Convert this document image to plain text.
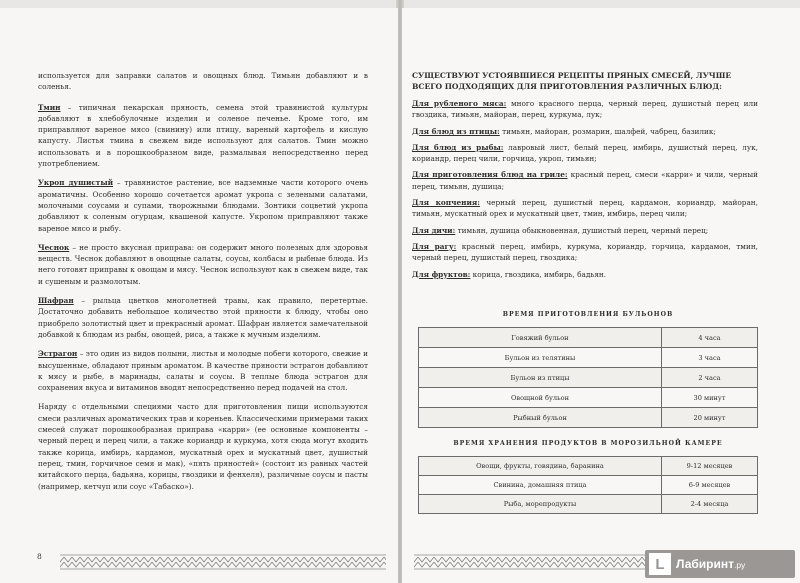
используется для заправки салатов и овощных блюд. Тимьян добавляют и в соленья.

Тмин – типичная пекарская пряность, семена этой травянистой культуры добавляют в хлебобулочные изделия и соленое печенье. Кроме того, им приправляют вареное мясо (свинину) или птицу, вареный картофель и кислую капусту. Листья тмина в свежем виде используют для салатов. Тмин можно использовать и в порошкообразном виде, размалывая непосредственно перед употреблением.

Укроп душистый – травянистое растение, все надземные части которого очень ароматичны. Особенно хорошо сочетается аромат укропа с зелеными салатами, молочными соусами и супами, творожными блюдами. Зонтики соцветий укропа добавляют к соленым огурцам, квашеной капусте. Укропом приправляют также вареное мясо и рыбу.

Чеснок – не просто вкусная приправа: он содержит много полезных для здоровья веществ. Чеснок добавляют в овощные салаты, соусы, колбасы и рыбные блюда. Из него готовят приправы к овощам и мясу. Чеснок используют как в свежем виде, так и сушеным и размолотым.

Шафран – рыльца цветков многолетней травы, как правило, перетертые. Достаточно добавить небольшое количество этой пряности к блюду, чтобы оно приобрело золотистый цвет и прекрасный аромат. Шафран является замечательной добавкой к блюдам из рыбы, овощей, риса, а также к мучным изделиям.

Эстрагон – это один из видов полыни, листья и молодые побеги которого, свежие и высушенные, обладают пряным ароматом. В качестве пряности эстрагон добавляют к мясу и рыбе, в маринады, салаты и соусы. В теплые блюда эстрагон для сохранения вкуса и витаминов вводят непосредственно перед подачей на стол.

Наряду с отдельными специями часто для приготовления пищи используются смеси различных ароматических трав и кореньев. Классическими примерами таких смесей служат порошкообразная приправа «карри» (ее основные компоненты – черный перец и перец чили, а также кориандр и куркума, хотя сюда могут входить также корица, имбирь, кардамон, мускатный орех и мускатный цвет, душистый перец, тмин, горчичное семя и мак), «пять пряностей» (состоит из равных частей китайского перца, бадьяна, корицы, гвоздики и фенхеля), различные соусы и пасты (например, кетчуп или соус «Табаско»).

8

СУЩЕСТВУЮТ УСТОЯВШИЕСЯ РЕЦЕПТЫ ПРЯНЫХ СМЕСЕЙ, ЛУЧШЕ ВСЕГО ПОДХОДЯЩИХ ДЛЯ ПРИГОТОВЛЕНИЯ РАЗЛИЧНЫХ БЛЮД:

Для рубленого мяса: много красного перца, черный перец, душистый перец или гвоздика, тимьян, майоран, перец, куркума, лук;

Для блюд из птицы: тимьян, майоран, розмарин, шалфей, чабрец, базилик;

Для блюд из рыбы: лавровый лист, белый перец, имбирь, душистый перец, лук, кориандр, перец чили, горчица, укроп, тимьян;

Для приготовления блюд на гриле: красный перец, смеси «карри» и чили, черный перец, тимьян, душица;

Для копчения: черный перец, душистый перец, кардамон, кориандр, майоран, тимьян, мускатный орех и мускатный цвет, тмин, имбирь, перец чили;

Для дичи: тимьян, душица обыкновенная, душистый перец, черный перец;

Для рагу: красный перец, имбирь, куркума, кориандр, горчица, кардамон, тмин, черный перец, душистый перец, гвоздика;

Для фруктов: корица, гвоздика, имбирь, бадьян.

ВРЕМЯ ПРИГОТОВЛЕНИЯ БУЛЬОНОВ

Говяжий бульон	4 часа
Бульон из телятины	3 часа
Бульон из птицы	2 часа
Овощной бульон	30 минут
Рыбный бульон	20 минут

ВРЕМЯ ХРАНЕНИЯ ПРОДУКТОВ В МОРОЗИЛЬНОЙ КАМЕРЕ

Овощи, фрукты, говядина, баранина	9-12 месяцев
Свинина, домашняя птица	6-9 месяцев
Рыба, морепродукты	2-4 месяца
L Лабиринт.ру
